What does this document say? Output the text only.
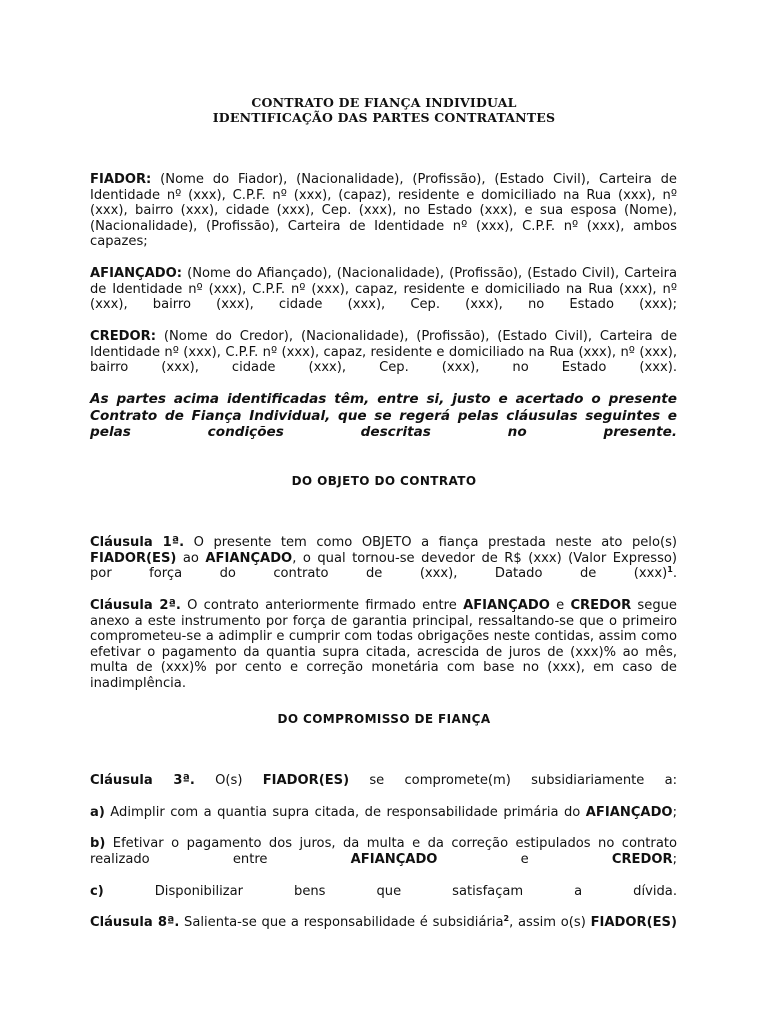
CONTRATO DE FIANÇA INDIVIDUAL
IDENTIFICAÇÃO DAS PARTES CONTRATANTES

FIADOR: (Nome do Fiador), (Nacionalidade), (Profissão), (Estado Civil), Carteira de Identidade nº (xxx), C.P.F. nº (xxx), (capaz), residente e domiciliado na Rua (xxx), nº (xxx), bairro (xxx), cidade (xxx), Cep. (xxx), no Estado (xxx), e sua esposa (Nome), (Nacionalidade), (Profissão), Carteira de Identidade nº (xxx), C.P.F. nº (xxx), ambos capazes;

AFIANÇADO: (Nome do Afiançado), (Nacionalidade), (Profissão), (Estado Civil), Carteira de Identidade nº (xxx), C.P.F. nº (xxx), capaz, residente e domiciliado na Rua (xxx), nº (xxx), bairro (xxx), cidade (xxx), Cep. (xxx), no Estado (xxx);

CREDOR: (Nome do Credor), (Nacionalidade), (Profissão), (Estado Civil), Carteira de Identidade nº (xxx), C.P.F. nº (xxx), capaz, residente e domiciliado na Rua (xxx), nº (xxx), bairro (xxx), cidade (xxx), Cep. (xxx), no Estado (xxx).

As partes acima identificadas têm, entre si, justo e acertado o presente Contrato de Fiança Individual, que se regerá pelas cláusulas seguintes e pelas condições descritas no presente.

DO OBJETO DO CONTRATO

Cláusula 1ª. O presente tem como OBJETO a fiança prestada neste ato pelo(s) FIADOR(ES) ao AFIANÇADO, o qual tornou-se devedor de R$ (xxx) (Valor Expresso) por força do contrato de (xxx), Datado de (xxx)$^1$.

Cláusula 2ª. O contrato anteriormente firmado entre AFIANÇADO e CREDOR segue anexo a este instrumento por força de garantia principal, ressaltando-se que o primeiro comprometeu-se a adimplir e cumprir com todas obrigações neste contidas, assim como efetivar o pagamento da quantia supra citada, acrescida de juros de (xxx)% ao mês, multa de (xxx)% por cento e correção monetária com base no (xxx), em caso de inadimplência.

DO COMPROMISSO DE FIANÇA

Cláusula 3ª. O(s) FIADOR(ES) se compromete(m) subsidiariamente a:

a) Adimplir com a quantia supra citada, de responsabilidade primária do AFIANÇADO;

b) Efetivar o pagamento dos juros, da multa e da correção estipulados no contrato realizado entre AFIANÇADO e CREDOR;

c) Disponibilizar bens que satisfaçam a dívida.

Cláusula 8ª. Salienta-se que a responsabilidade é subsidiária$^2$, assim o(s) FIADOR(ES)
